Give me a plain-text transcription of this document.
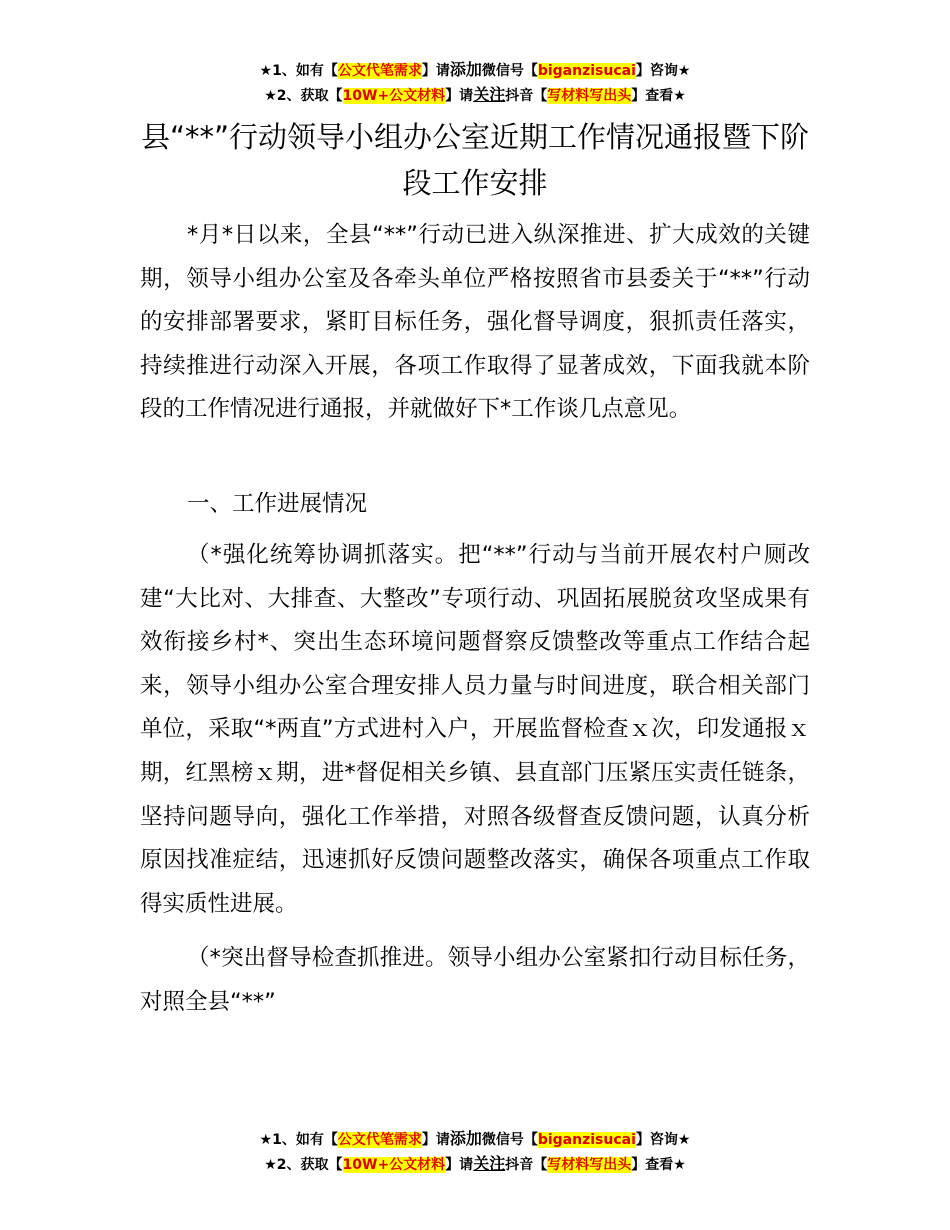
★1、如有【公文代笔需求】请添加微信号【biganzisucai】咨询★
★2、获取【10W+公文材料】请关注抖音【写材料写出头】查看★
县“**”行动领导小组办公室近期工作情况通报暨下阶段工作安排

*月*日以来，全县“**”行动已进入纵深推进、扩大成效的关键期，领导小组办公室及各牵头单位严格按照省市县委关于“**”行动的安排部署要求，紧盯目标任务，强化督导调度，狠抓责任落实，持续推进行动深入开展，各项工作取得了显著成效，下面我就本阶段的工作情况进行通报，并就做好下*工作谈几点意见。

一、工作进展情况

（*强化统筹协调抓落实。把“**”行动与当前开展农村户厕改建“大比对、大排查、大整改”专项行动、巩固拓展脱贫攻坚成果有效衔接乡村*、突出生态环境问题督察反馈整改等重点工作结合起来，领导小组办公室合理安排人员力量与时间进度，联合相关部门单位，采取“*两直”方式进村入户，开展监督检查ｘ次，印发通报ｘ期，红黑榜ｘ期，进*督促相关乡镇、县直部门压紧压实责任链条，坚持问题导向，强化工作举措，对照各级督查反馈问题，认真分析原因找准症结，迅速抓好反馈问题整改落实，确保各项重点工作取得实质性进展。

（*突出督导检查抓推进。领导小组办公室紧扣行动目标任务，对照全县“**”

★1、如有【公文代笔需求】请添加微信号【biganzisucai】咨询★
★2、获取【10W+公文材料】请关注抖音【写材料写出头】查看★
